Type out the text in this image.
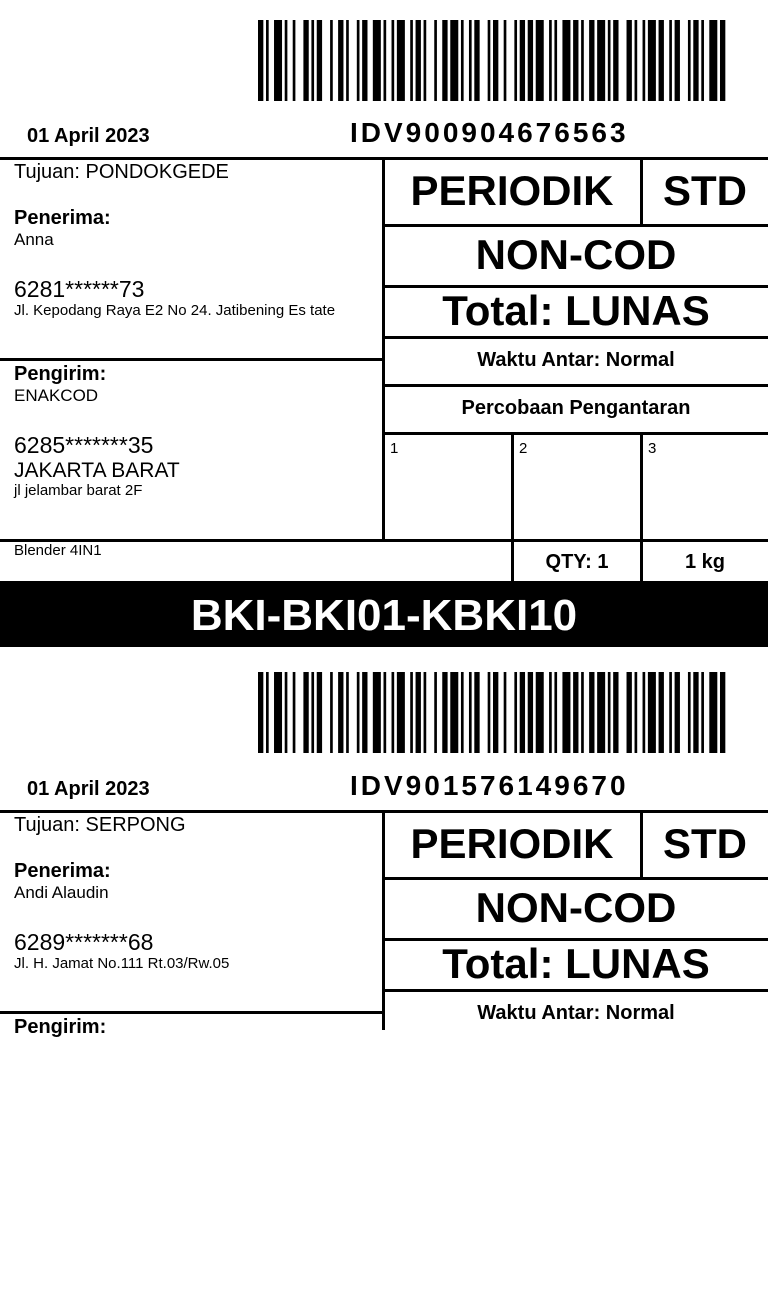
01 April 2023	IDV900904676563
Tujuan: PONDOKGEDE
Penerima:
Anna
6281******73
Jl. Kepodang Raya E2 No 24. Jatibening Es tate
Pengirim:
ENAKCOD
6285*******35
JAKARTA BARAT
jl jelambar barat 2F
PERIODIK	STD
NON-COD
Total: LUNAS
Waktu Antar: Normal
Percobaan Pengantaran
1	2	3
Blender 4IN1
QTY: 1	1 kg
BKI-BKI01-KBKI10
01 April 2023	IDV901576149670
Tujuan: SERPONG
Penerima:
Andi Alaudin
6289*******68
Jl. H. Jamat No.111 Rt.03/Rw.05
Pengirim:
PERIODIK	STD
NON-COD
Total: LUNAS
Waktu Antar: Normal
